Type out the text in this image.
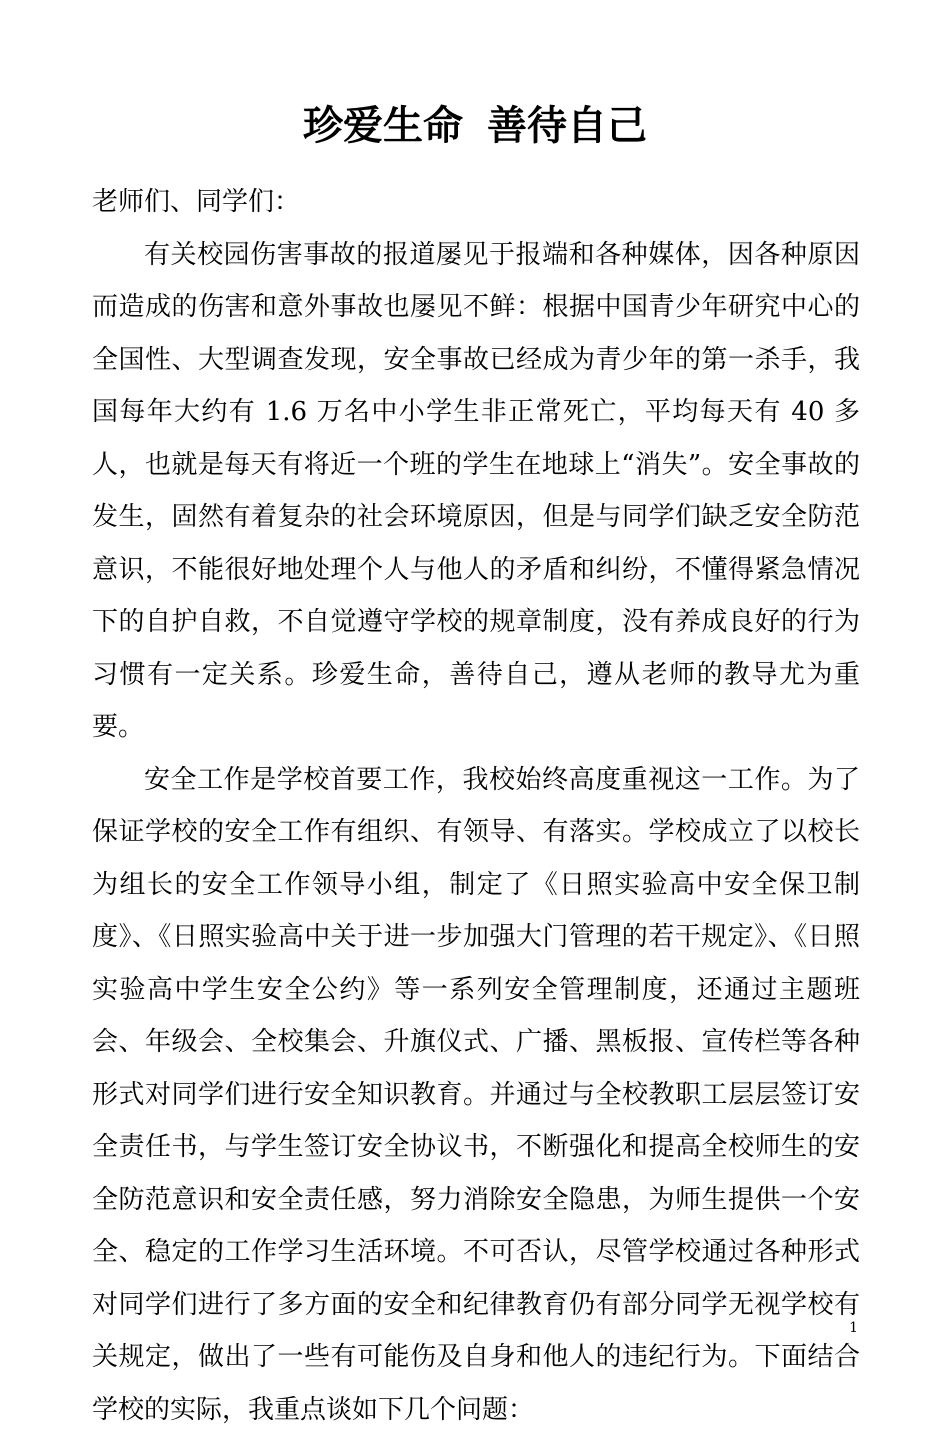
珍爱生命 善待自己

老师们、同学们：

有关校园伤害事故的报道屡见于报端和各种媒体，因各种原因而造成的伤害和意外事故也屡见不鲜：根据中国青少年研究中心的全国性、大型调查发现，安全事故已经成为青少年的第一杀手，我国每年大约有 1.6 万名中小学生非正常死亡，平均每天有 40 多人，也就是每天有将近一个班的学生在地球上“消失”。安全事故的发生，固然有着复杂的社会环境原因，但是与同学们缺乏安全防范意识，不能很好地处理个人与他人的矛盾和纠纷，不懂得紧急情况下的自护自救，不自觉遵守学校的规章制度，没有养成良好的行为习惯有一定关系。珍爱生命，善待自己，遵从老师的教导尤为重要。

安全工作是学校首要工作，我校始终高度重视这一工作。为了保证学校的安全工作有组织、有领导、有落实。学校成立了以校长为组长的安全工作领导小组，制定了《日照实验高中安全保卫制度》、《日照实验高中关于进一步加强大门管理的若干规定》、《日照实验高中学生安全公约》等一系列安全管理制度，还通过主题班会、年级会、全校集会、升旗仪式、广播、黑板报、宣传栏等各种形式对同学们进行安全知识教育。并通过与全校教职工层层签订安全责任书，与学生签订安全协议书，不断强化和提高全校师生的安全防范意识和安全责任感，努力消除安全隐患，为师生提供一个安全、稳定的工作学习生活环境。不可否认，尽管学校通过各种形式对同学们进行了多方面的安全和纪律教育仍有部分同学无视学校有关规定，做出了一些有可能伤及自身和他人的违纪行为。下面结合学校的实际，我重点谈如下几个问题：

1
